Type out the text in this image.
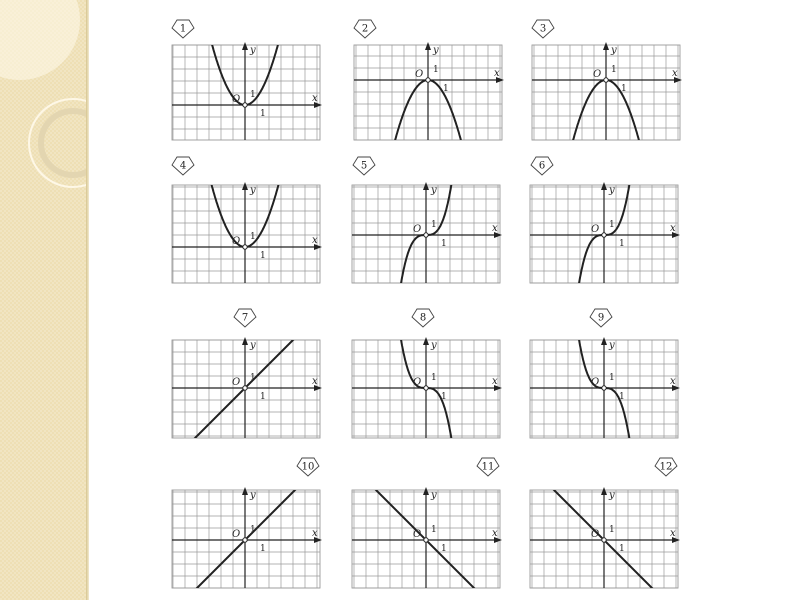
x
y
O 1
1
1
x
y
O 1
1
2
x
y
O 1
1
3
x
y
O 1
1
4
x
y
O 1
1
5
x
y
O 1
1
6
x
y
O 1
1
7
x
y
O 1
1
8
x
y
O 1
1
9
x
y
O 1
1
10
x
y
O 1
1
11
x
y
O 1
1
12
